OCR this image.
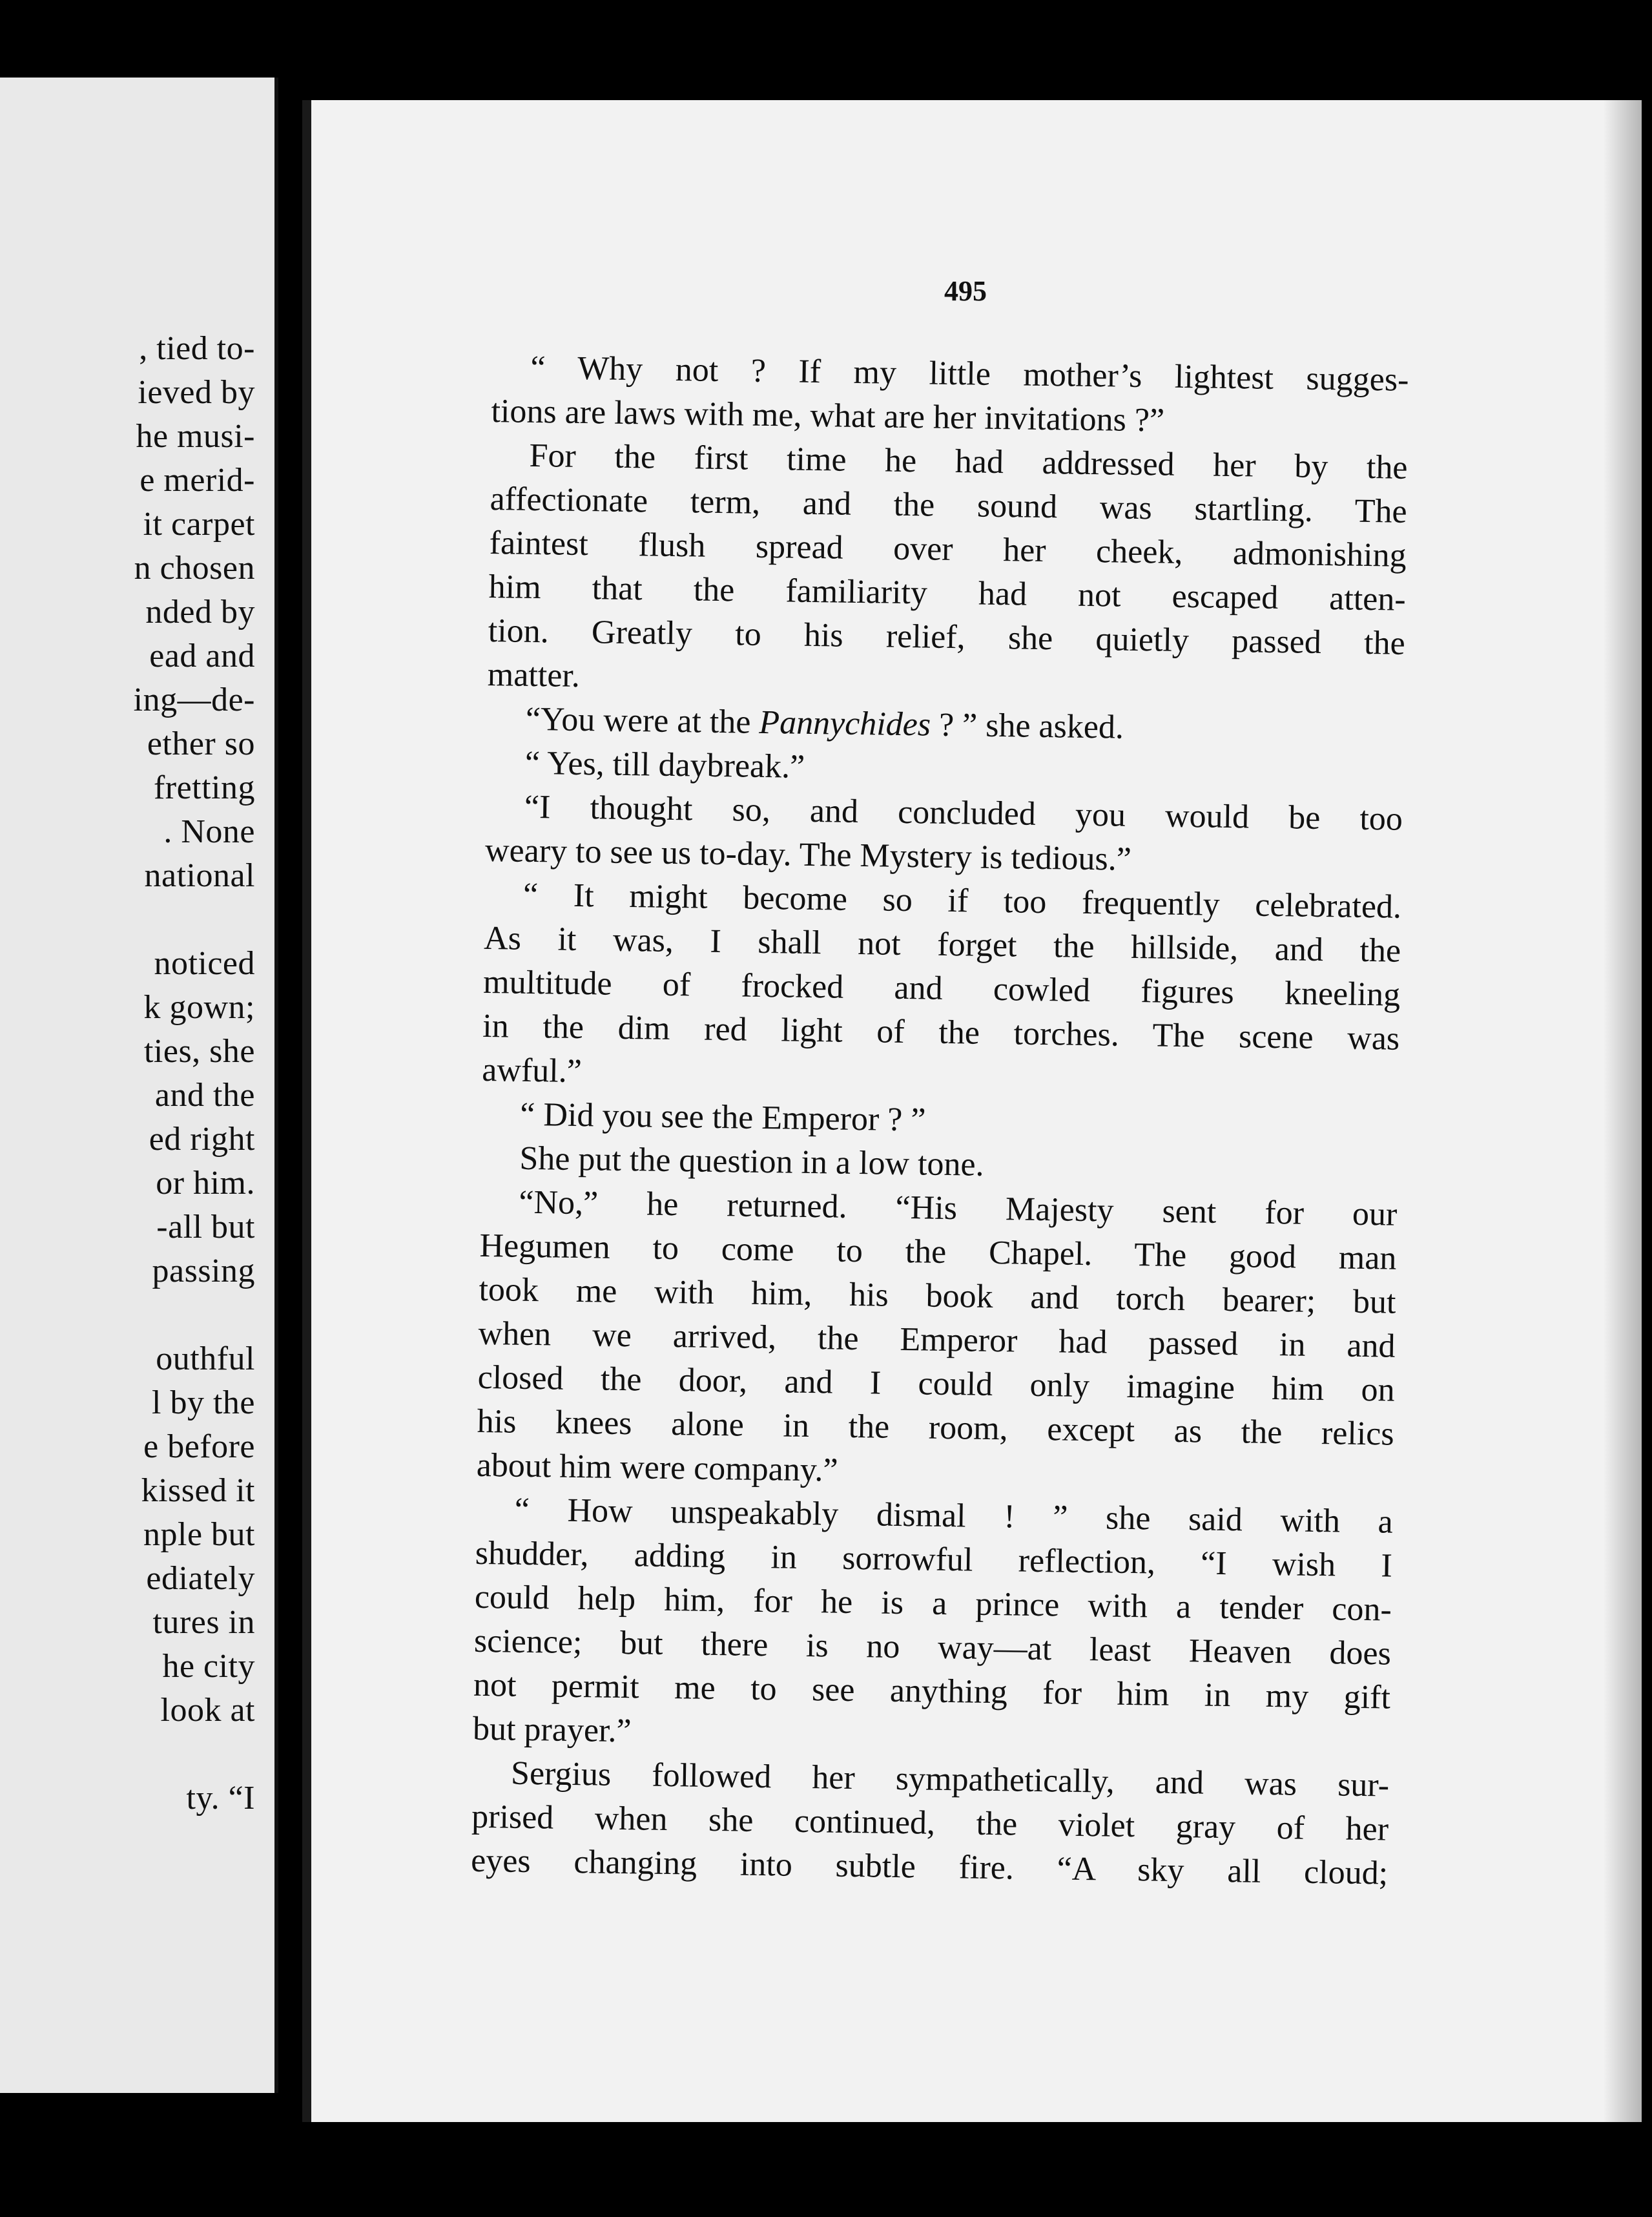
, tied to-
ieved by
he musi-
e merid-
it carpet
n chosen
nded by
ead and
ing—de-
ether so
fretting
. None
national
noticed
k gown;
ties, she
and the
ed right
or him.
-all but
passing
outhful
l by the
e before
kissed it
nple but
ediately
tures in
he city
look at
ty. “I
495
“ Why not ? If my little mother’s lightest sugges-
tions are laws with me, what are her invitations ?”
For the first time he had addressed her by the
affectionate term, and the sound was startling. The
faintest flush spread over her cheek, admonishing
him that the familiarity had not escaped atten-
tion. Greatly to his relief, she quietly passed the
matter.
“You were at the Pannychides ? ” she asked.
“ Yes, till daybreak.”
“I thought so, and concluded you would be too
weary to see us to-day. The Mystery is tedious.”
“ It might become so if too frequently celebrated.
As it was, I shall not forget the hillside, and the
multitude of frocked and cowled figures kneeling
in the dim red light of the torches. The scene was
awful.”
“ Did you see the Emperor ? ”
She put the question in a low tone.
“No,” he returned. “His Majesty sent for our
Hegumen to come to the Chapel. The good man
took me with him, his book and torch bearer; but
when we arrived, the Emperor had passed in and
closed the door, and I could only imagine him on
his knees alone in the room, except as the relics
about him were company.”
“ How unspeakably dismal ! ” she said with a
shudder, adding in sorrowful reflection, “I wish I
could help him, for he is a prince with a tender con-
science; but there is no way—at least Heaven does
not permit me to see anything for him in my gift
but prayer.”
Sergius followed her sympathetically, and was sur-
prised when she continued, the violet gray of her
eyes changing into subtle fire. “A sky all cloud;
